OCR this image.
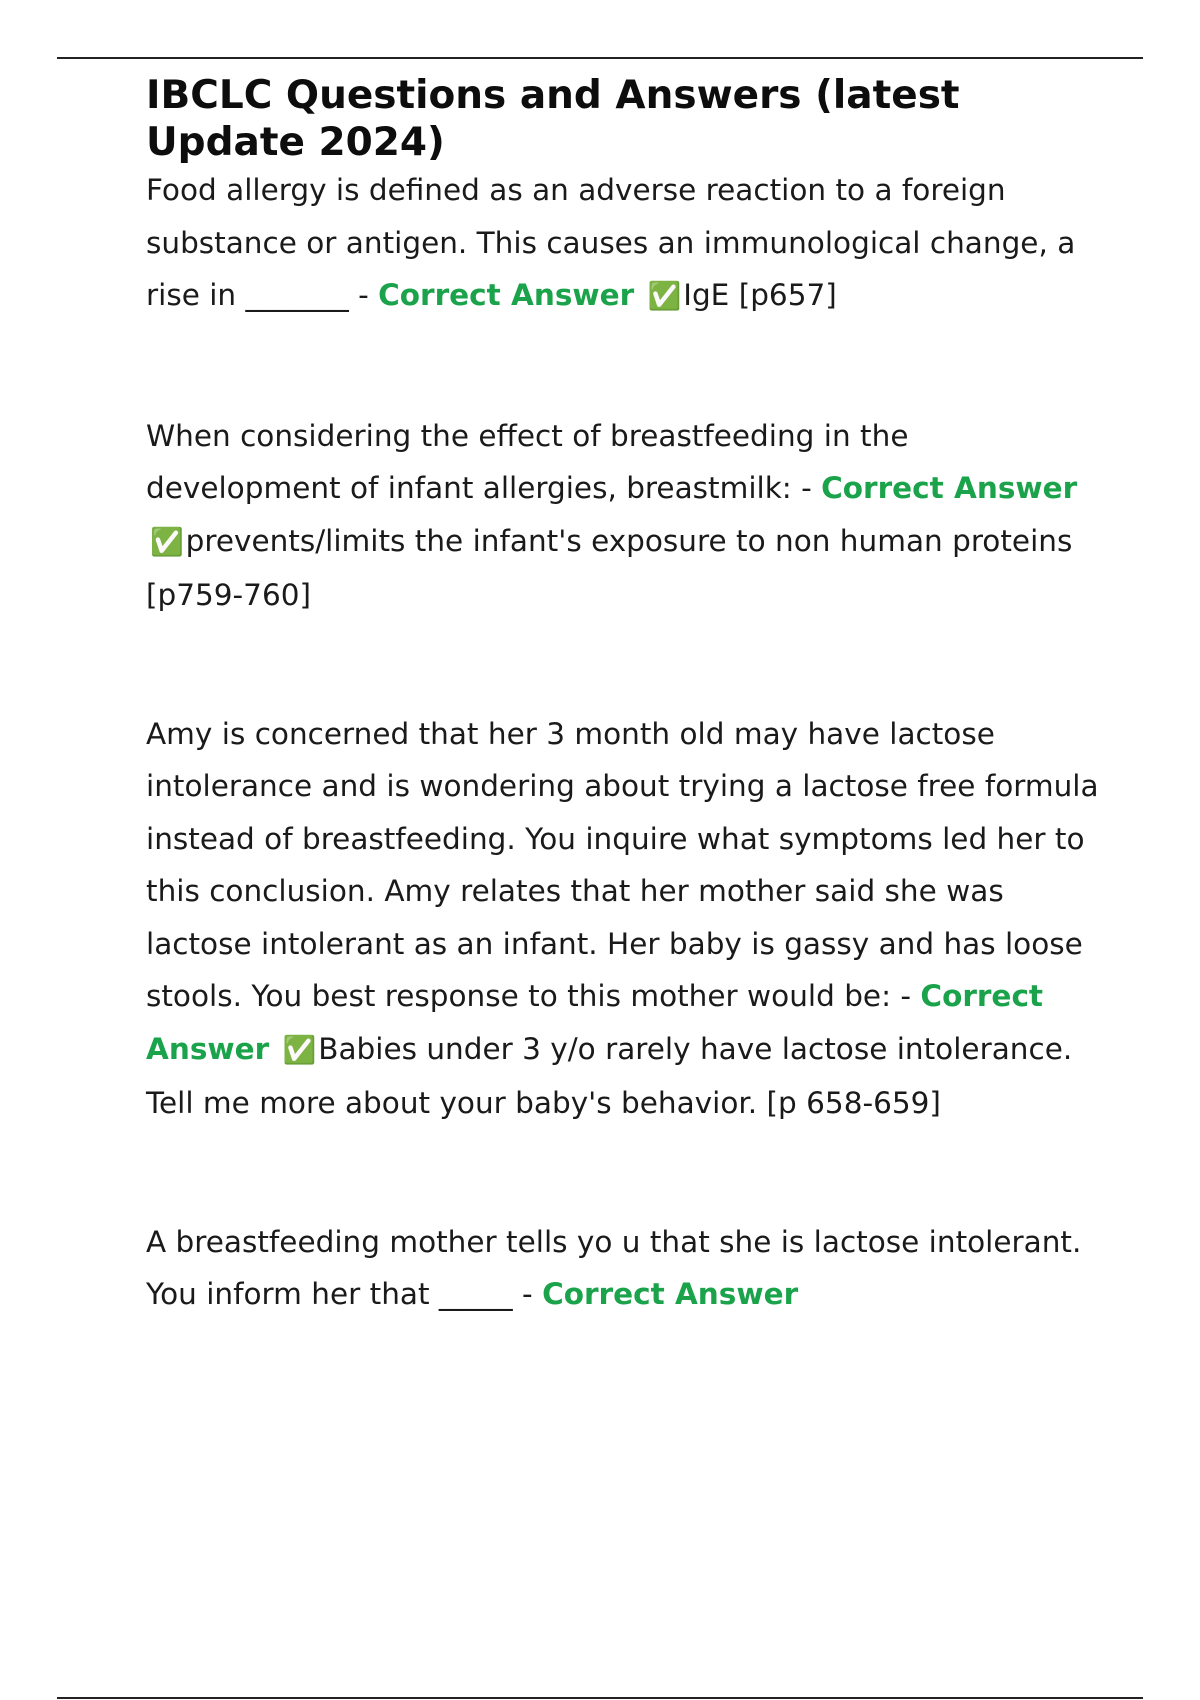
IBCLC Questions and Answers (latest Update 2024)

Food allergy is defined as an adverse reaction to a foreign substance or antigen. This causes an immunological change, a rise in _______ - Correct Answer ✅IgE [p657]

When considering the effect of breastfeeding in the development of infant allergies, breastmilk: - Correct Answer ✅prevents/limits the infant's exposure to non human proteins [p759-760]

Amy is concerned that her 3 month old may have lactose intolerance and is wondering about trying a lactose free formula instead of breastfeeding. You inquire what symptoms led her to this conclusion. Amy relates that her mother said she was lactose intolerant as an infant. Her baby is gassy and has loose stools. You best response to this mother would be: - Correct Answer ✅Babies under 3 y/o rarely have lactose intolerance. Tell me more about your baby's behavior. [p 658-659]

A breastfeeding mother tells yo u that she is lactose intolerant. You inform her that _____ - Correct Answer
